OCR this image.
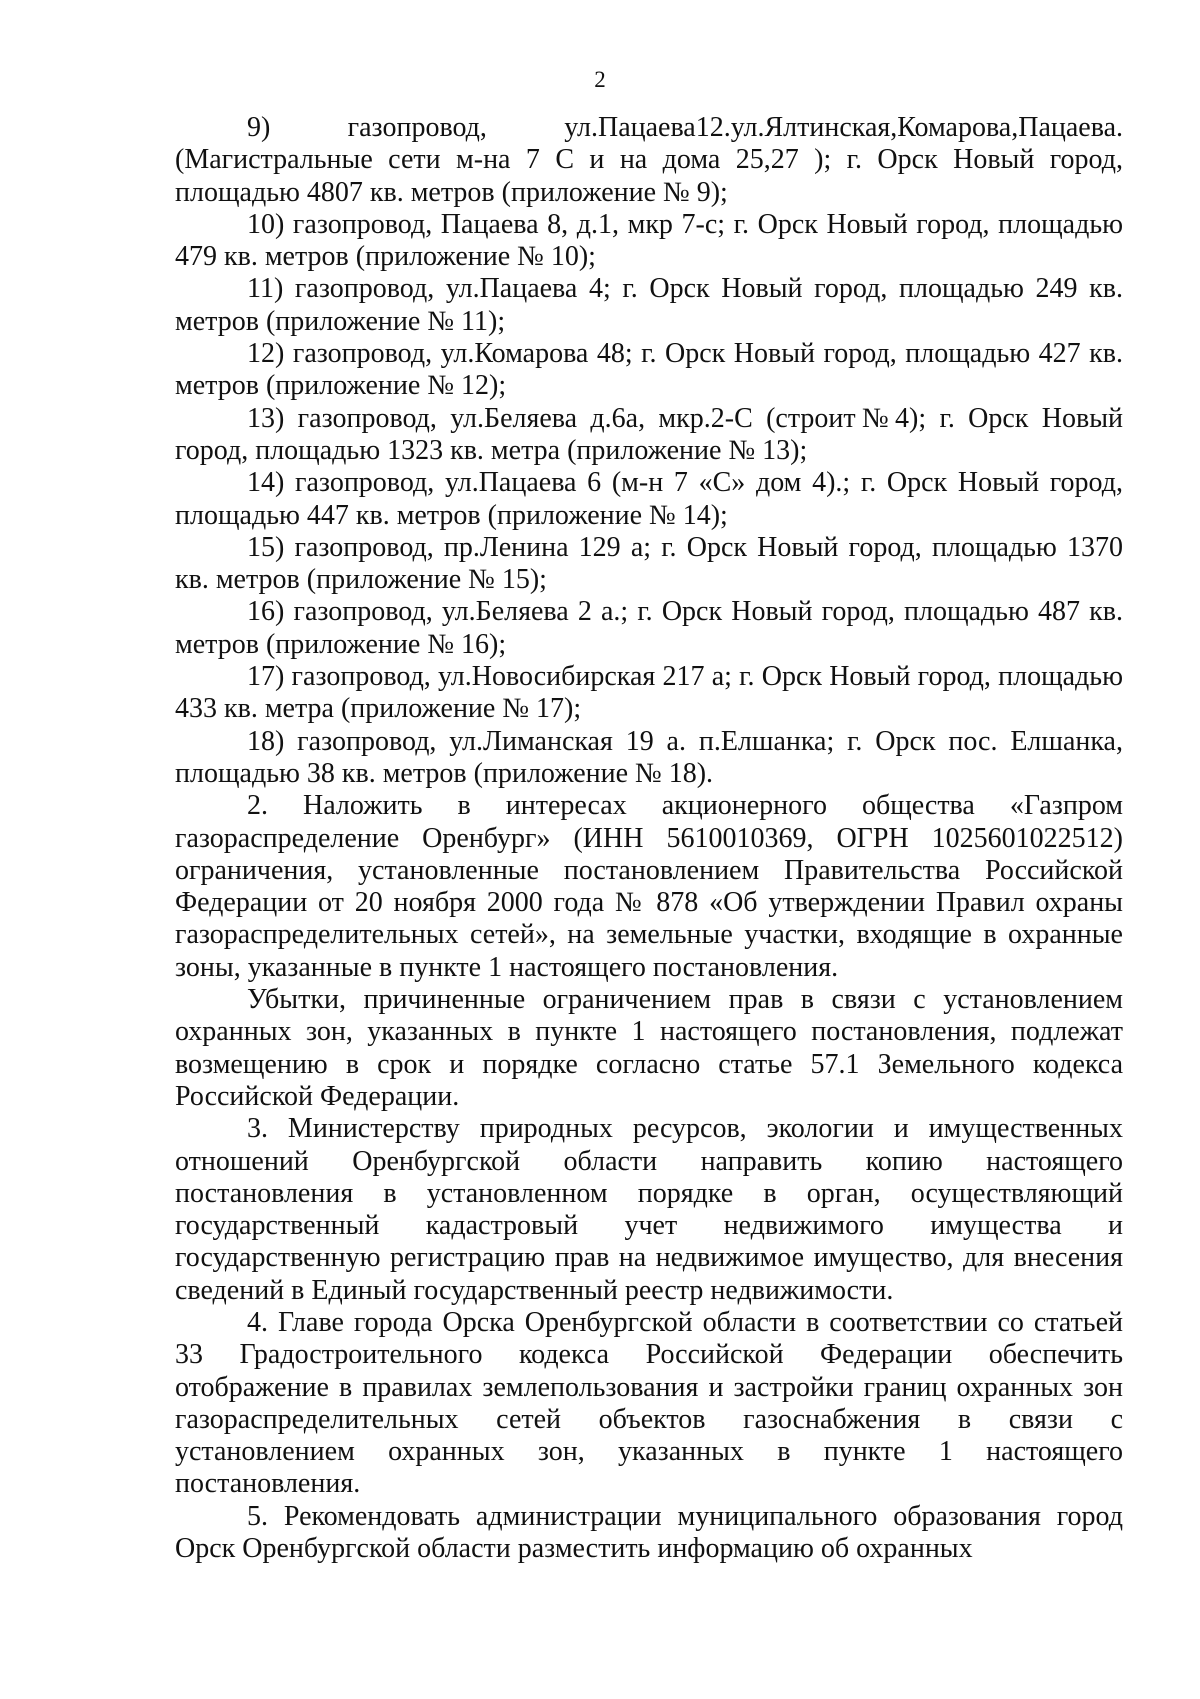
2

9) газопровод, ул.Пацаева12.ул.Ялтинская,Комарова,Пацаева.(Магистральные сети м-на 7 С и на дома 25,27 ); г. Орск Новый город, площадью 4807 кв. метров (приложение № 9);

10) газопровод, Пацаева 8, д.1, мкр 7-с; г. Орск Новый город, площадью 479 кв. метров (приложение № 10);

11) газопровод, ул.Пацаева 4; г. Орск Новый город, площадью 249 кв. метров (приложение № 11);

12) газопровод, ул.Комарова 48; г. Орск Новый город, площадью 427 кв. метров (приложение № 12);

13) газопровод, ул.Беляева д.6а, мкр.2-С (строит№4); г. Орск Новый город, площадью 1323 кв. метра (приложение № 13);

14) газопровод, ул.Пацаева 6 (м-н 7 «С» дом 4).; г. Орск Новый город, площадью 447 кв. метров (приложение № 14);

15) газопровод, пр.Ленина 129 а; г. Орск Новый город, площадью 1370 кв. метров (приложение № 15);

16) газопровод, ул.Беляева 2 а.; г. Орск Новый город, площадью 487 кв. метров (приложение № 16);

17) газопровод, ул.Новосибирская 217 а; г. Орск Новый город, площадью 433 кв. метра (приложение № 17);

18) газопровод, ул.Лиманская 19 а. п.Елшанка; г. Орск пос. Елшанка, площадью 38 кв. метров (приложение № 18).

2. Наложить в интересах акционерного общества «Газпром газораспределение Оренбург» (ИНН 5610010369, ОГРН 1025601022512) ограничения, установленные постановлением Правительства Российской Федерации от 20 ноября 2000 года № 878 «Об утверждении Правил охраны газораспределительных сетей», на земельные участки, входящие в охранные зоны, указанные в пункте 1 настоящего постановления.

Убытки, причиненные ограничением прав в связи с установлением охранных зон, указанных в пункте 1 настоящего постановления, подлежат возмещению в срок и порядке согласно статье 57.1 Земельного кодекса Российской Федерации.

3. Министерству природных ресурсов, экологии и имущественных отношений Оренбургской области направить копию настоящего постановления в установленном порядке в орган, осуществляющий государственный кадастровый учет недвижимого имущества и государственную регистрацию прав на недвижимое имущество, для внесения сведений в Единый государственный реестр недвижимости.

4. Главе города Орска Оренбургской области в соответствии со статьей 33 Градостроительного кодекса Российской Федерации обеспечить отображение в правилах землепользования и застройки границ охранных зон газораспределительных сетей объектов газоснабжения в связи с установлением охранных зон, указанных в пункте 1 настоящего постановления.

5. Рекомендовать администрации муниципального образования город Орск Оренбургской области разместить информацию об охранных
